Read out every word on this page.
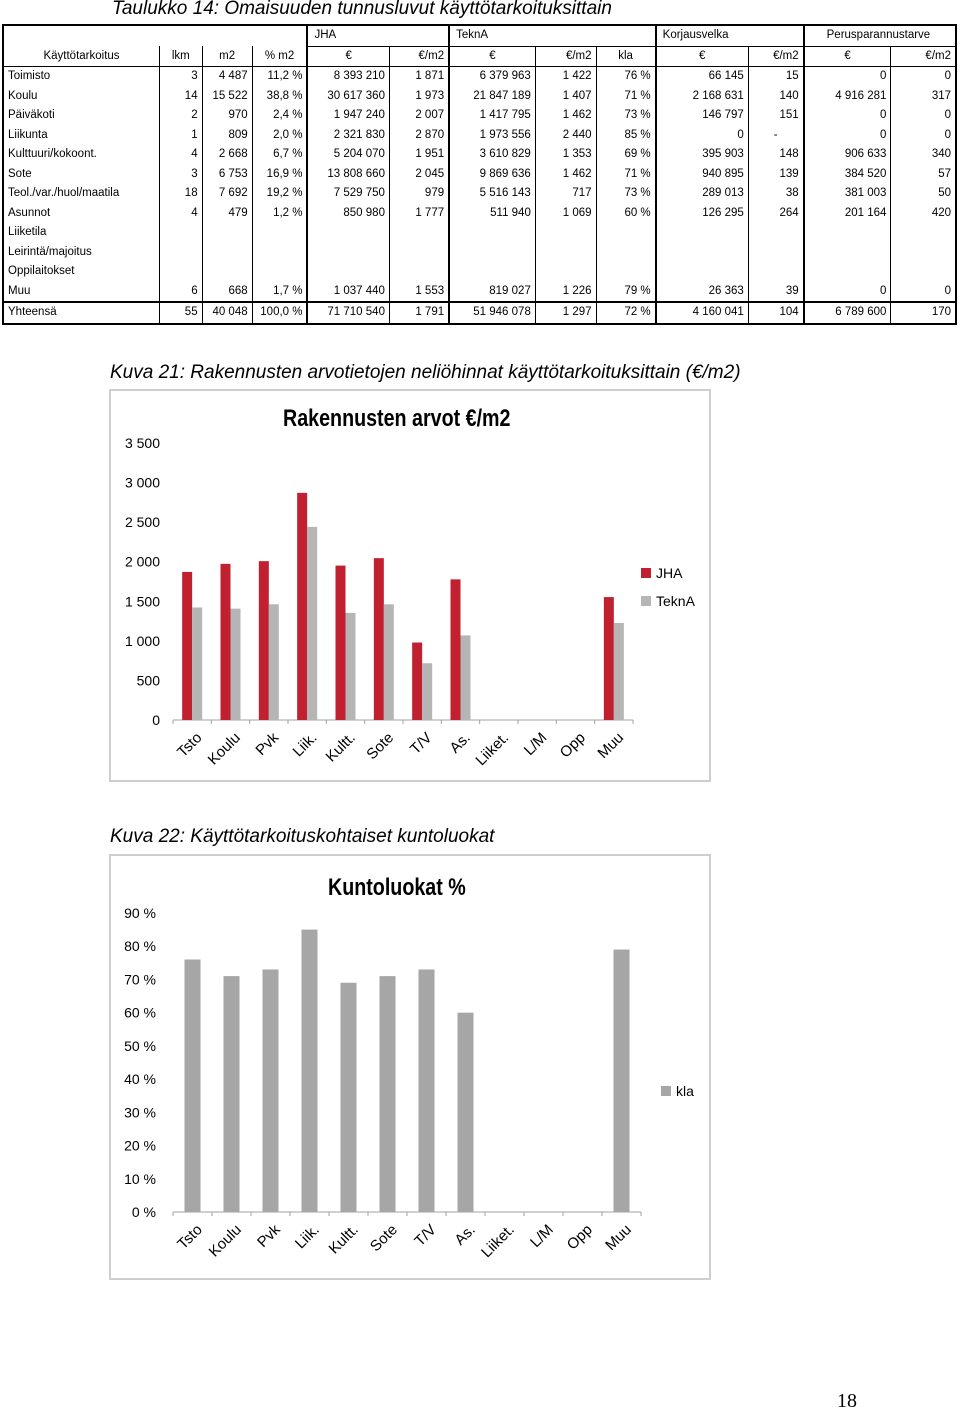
Taulukko 14: Omaisuuden tunnusluvut käyttötarkoituksittain
				JHA		TeknA			Korjausvelka		Perusparannustarve	
Käyttötarkoitus	lkm	m2	% m2	€	€/m2	€	€/m2	kla	€	€/m2	€	€/m2
Toimisto	3	4 487	11,2 %	8 393 210	1 871	6 379 963	1 422	76 %	66 145	15	0	0
Koulu	14	15 522	38,8 %	30 617 360	1 973	21 847 189	1 407	71 %	2 168 631	140	4 916 281	317
Päiväkoti	2	970	2,4 %	1 947 240	2 007	1 417 795	1 462	73 %	146 797	151	0	0
Liikunta	1	809	2,0 %	2 321 830	2 870	1 973 556	2 440	85 %	0	-	0	0
Kulttuuri/kokoont.	4	2 668	6,7 %	5 204 070	1 951	3 610 829	1 353	69 %	395 903	148	906 633	340
Sote	3	6 753	16,9 %	13 808 660	2 045	9 869 636	1 462	71 %	940 895	139	384 520	57
Teol./var./huol/maatila	18	7 692	19,2 %	7 529 750	979	5 516 143	717	73 %	289 013	38	381 003	50
Asunnot	4	479	1,2 %	850 980	1 777	511 940	1 069	60 %	126 295	264	201 164	420
Liiketila												
Leirintä/majoitus												
Oppilaitokset												
Muu	6	668	1,7 %	1 037 440	1 553	819 027	1 226	79 %	26 363	39	0	0
Yhteensä	55	40 048	100,0 %	71 710 540	1 791	51 946 078	1 297	72 %	4 160 041	104	6 789 600	170
Kuva 21: Rakennusten arvotietojen neliöhinnat käyttötarkoituksittain (€/m2)
Rakennusten arvot €/m2
0
500
1 000
1 500
2 000
2 500
3 000
3 500
Tsto Koulu Pvk Liik. Kultt. Sote T/V As.
Liiket. L/M Opp Muu
JHA
TeknA
Kuva 22: Käyttötarkoituskohtaiset kuntoluokat
Kuntoluokat %
0 %
10 %
20 %
30 %
40 %
50 %
60 %
70 %
80 %
90 %
Tsto Koulu Pvk Liik. Kultt. Sote T/V As. Liiket. L/M Opp Muu
kla
18
